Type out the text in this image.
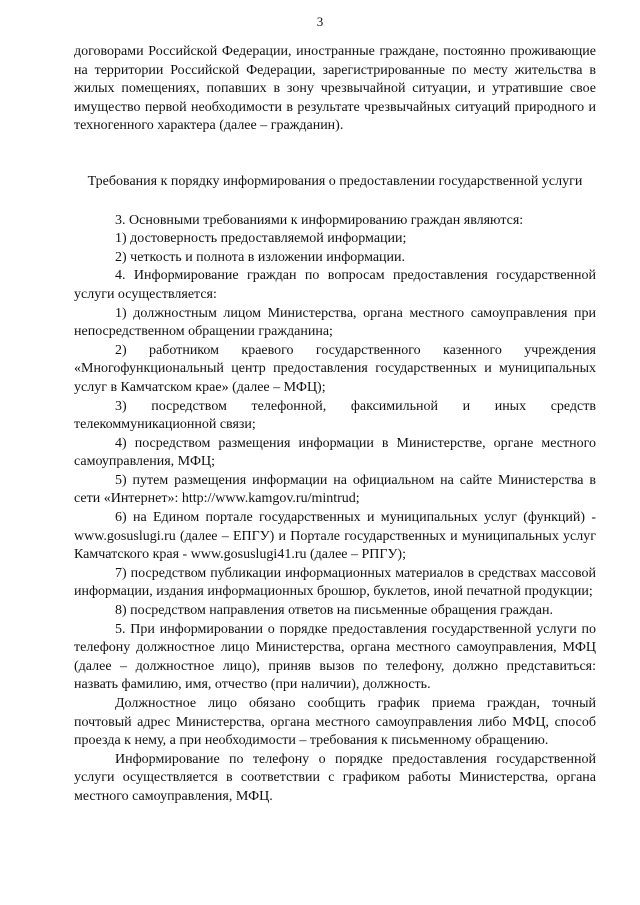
3

договорами Российской Федерации, иностранные граждане, постоянно проживающие на территории Российской Федерации, зарегистрированные по месту жительства в жилых помещениях, попавших в зону чрезвычайной ситуации, и утратившие свое имущество первой необходимости в результате чрезвычайных ситуаций природного и техногенного характера (далее – гражданин).

Требования к порядку информирования о предоставлении государственной услуги

3. Основными требованиями к информированию граждан являются:

1) достоверность предоставляемой информации;

2) четкость и полнота в изложении информации.

4. Информирование граждан по вопросам предоставления государственной услуги осуществляется:

1) должностным лицом Министерства, органа местного самоуправления при непосредственном обращении гражданина;

2) работником краевого государственного казенного учреждения «Многофункциональный центр предоставления государственных и муниципальных услуг в Камчатском крае» (далее – МФЦ);

3) посредством телефонной, факсимильной и иных средств телекоммуникационной связи;

4) посредством размещения информации в Министерстве, органе местного самоуправления, МФЦ;

5) путем размещения информации на официальном на сайте Министерства в сети «Интернет»: http://www.kamgov.ru/mintrud;

6) на Едином портале государственных и муниципальных услуг (функций) - www.gosuslugi.ru (далее – ЕПГУ) и Портале государственных и муниципальных услуг Камчатского края - www.gosuslugi41.ru (далее – РПГУ);

7) посредством публикации информационных материалов в средствах массовой информации, издания информационных брошюр, буклетов, иной печатной продукции;

8) посредством направления ответов на письменные обращения граждан.

5. При информировании о порядке предоставления государственной услуги по телефону должностное лицо Министерства, органа местного самоуправления, МФЦ (далее – должностное лицо), приняв вызов по телефону, должно представиться: назвать фамилию, имя, отчество (при наличии), должность.

Должностное лицо обязано сообщить график приема граждан, точный почтовый адрес Министерства, органа местного самоуправления либо МФЦ, способ проезда к нему, а при необходимости – требования к письменному обращению.

Информирование по телефону о порядке предоставления государственной услуги осуществляется в соответствии с графиком работы Министерства, органа местного самоуправления, МФЦ.
